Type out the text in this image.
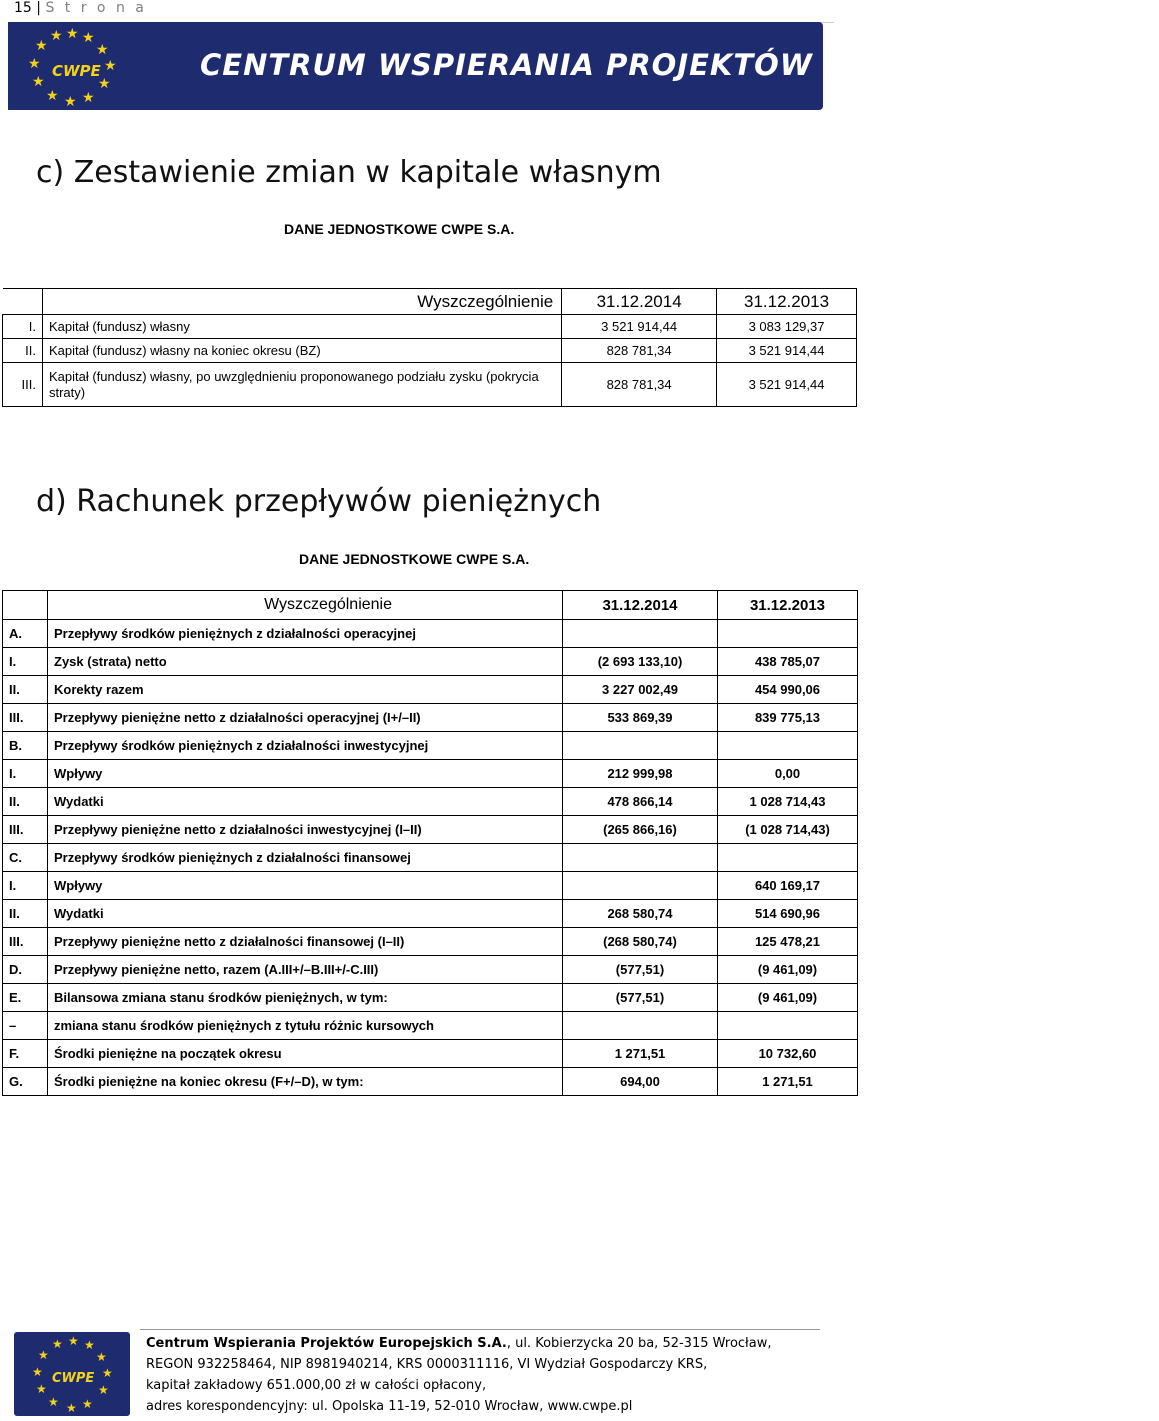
15 | S t r o n a
★ ★ ★
★	★
★	★
★	★
★ ★ ★
CWPE	CENTRUM WSPIERANIA PROJEKTÓW EUROPEJSKICH S.A.
c) Zestawienie zmian w kapitale własnym
DANE JEDNOSTKOWE CWPE S.A.
	Wyszczególnienie	31.12.2014	31.12.2013
I.	Kapitał (fundusz) własny	3 521 914,44	3 083 129,37
II.	Kapitał (fundusz) własny na koniec okresu (BZ)	828 781,34	3 521 914,44
III.	Kapitał (fundusz) własny, po uwzględnieniu proponowanego podziału zysku (pokrycia straty)	828 781,34	3 521 914,44
d) Rachunek przepływów pieniężnych
DANE JEDNOSTKOWE CWPE S.A.
	Wyszczególnienie	31.12.2014	31.12.2013
A.	Przepływy środków pieniężnych z działalności operacyjnej		
I.	Zysk (strata) netto	(2 693 133,10)	438 785,07
II.	Korekty razem	3 227 002,49	454 990,06
III.	Przepływy pieniężne netto z działalności operacyjnej (I+/–II)	533 869,39	839 775,13
B.	Przepływy środków pieniężnych z działalności inwestycyjnej		
I.	Wpływy	212 999,98	0,00
II.	Wydatki	478 866,14	1 028 714,43
III.	Przepływy pieniężne netto z działalności inwestycyjnej (I–II)	(265 866,16)	(1 028 714,43)
C.	Przepływy środków pieniężnych z działalności finansowej		
I.	Wpływy		640 169,17
II.	Wydatki	268 580,74	514 690,96
III.	Przepływy pieniężne netto z działalności finansowej (I–II)	(268 580,74)	125 478,21
D.	Przepływy pieniężne netto, razem (A.III+/–B.III+/-C.III)	(577,51)	(9 461,09)
E.	Bilansowa zmiana stanu środków pieniężnych, w tym:	(577,51)	(9 461,09)
–	zmiana stanu środków pieniężnych z tytułu różnic kursowych		
F.	Środki pieniężne na początek okresu	1 271,51	10 732,60
G.	Środki pieniężne na koniec okresu (F+/–D), w tym:	694,00	1 271,51
★ ★ ★
★	★
★	★
★	★
★ ★ ★
CWPE
Centrum Wspierania Projektów Europejskich S.A., ul. Kobierzycka 20 ba, 52-315 Wrocław,
REGON 932258464, NIP 8981940214, KRS 0000311116, VI Wydział Gospodarczy KRS,
kapitał zakładowy 651.000,00 zł w całości opłacony,
adres korespondencyjny: ul. Opolska 11-19, 52-010 Wrocław, www.cwpe.pl
